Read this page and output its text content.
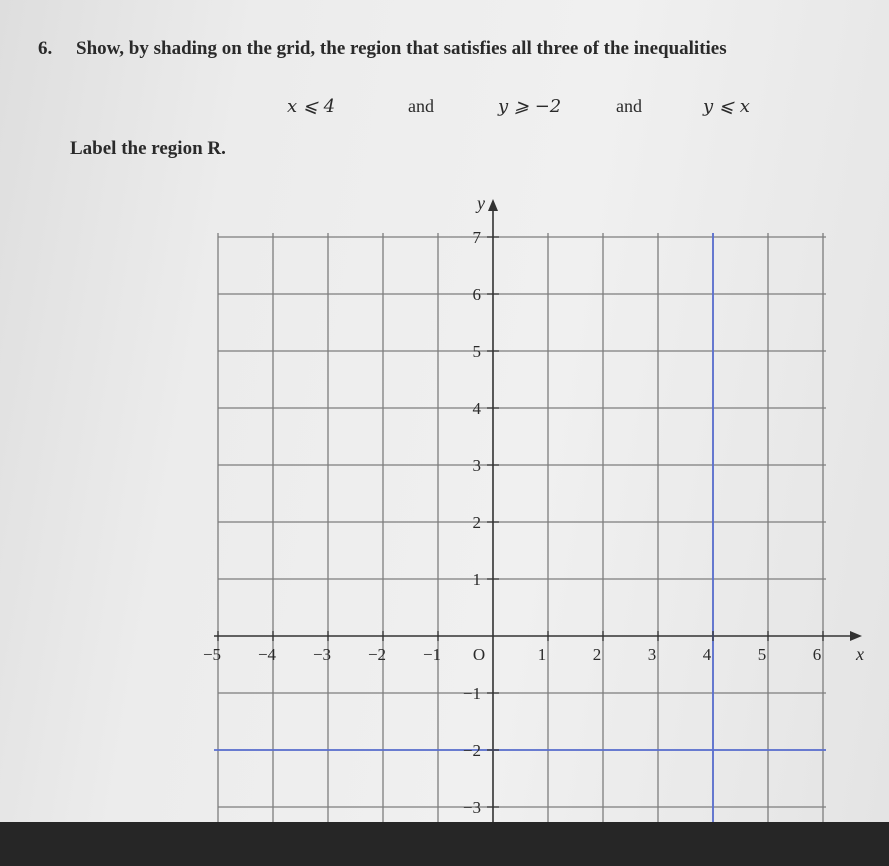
6. Show, by shading on the grid, the region that satisfies all three of the inequalities
x ⩽ 4	and	y ⩾ −2	and	y ⩽ x
Label the region R.
−5 −4 −3 −2 −1 O	1	2	3	4	5	6
7
6
5
4
3
2
1
−1
−2
−3
x
y
